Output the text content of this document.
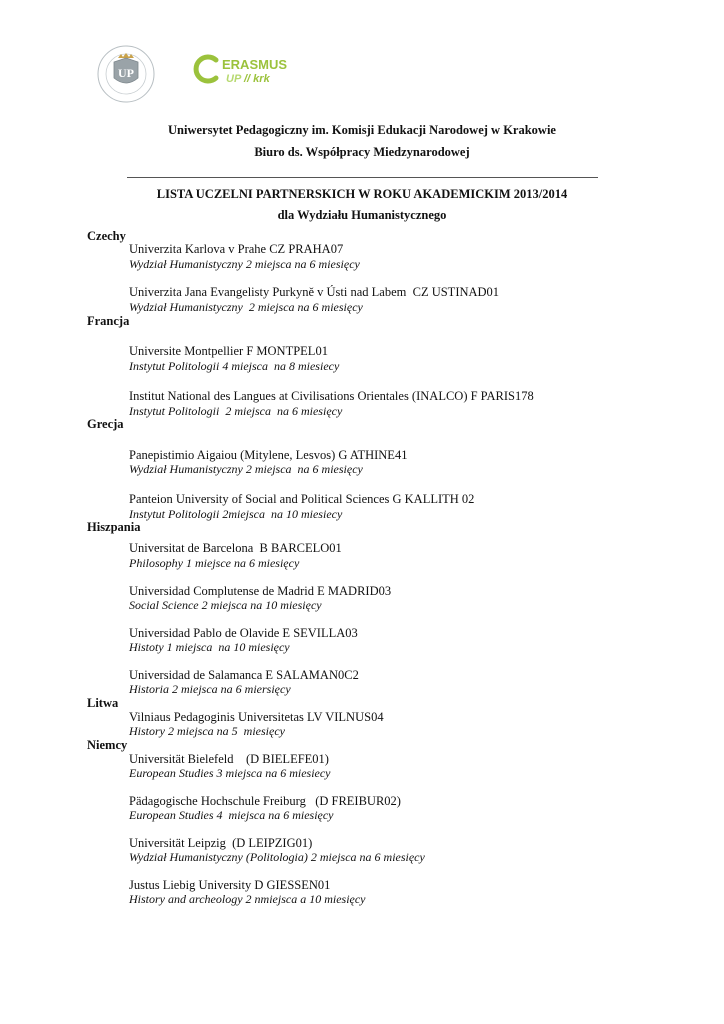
UP
ERASMUS
UP // krk
Uniwersytet Pedagogiczny im. Komisji Edukacji Narodowej w Krakowie
Biuro ds. Współpracy Miedzynarodowej
LISTA UCZELNI PARTNERSKICH W ROKU AKADEMICKIM 2013/2014
dla Wydziału Humanistycznego
Czechy
Univerzita Karlova v Prahe CZ PRAHA07
Wydział Humanistyczny 2 miejsca na 6 miesięcy
Univerzita Jana Evangelisty Purkyně v Ústi nad Labem  CZ USTINAD01
Wydział Humanistyczny  2 miejsca na 6 miesięcy
Francja
Universite Montpellier F MONTPEL01
Instytut Politologii 4 miejsca  na 8 miesiecy
Institut National des Langues at Civilisations Orientales (INALCO) F PARIS178
Instytut Politologii  2 miejsca  na 6 miesięcy
Grecja
Panepistimio Aigaiou (Mitylene, Lesvos) G ATHINE41
Wydział Humanistyczny 2 miejsca  na 6 miesięcy
Panteion University of Social and Political Sciences G KALLITH 02
Instytut Politologii 2miejsca  na 10 miesiecy
Hiszpania
Universitat de Barcelona  B BARCELO01
Philosophy 1 miejsce na 6 miesięcy
Universidad Complutense de Madrid E MADRID03
Social Science 2 miejsca na 10 miesięcy
Universidad Pablo de Olavide E SEVILLA03
Histoty 1 miejsca  na 10 miesięcy
Universidad de Salamanca E SALAMAN0C2
Historia 2 miejsca na 6 miersięcy
Litwa
Vilniaus Pedagoginis Universitetas LV VILNUS04
History 2 miejsca na 5  miesięcy
Niemcy
Universität Bielefeld    (D BIELEFE01)
European Studies 3 miejsca na 6 miesiecy
Pädagogische Hochschule Freiburg   (D FREIBUR02)
European Studies 4  miejsca na 6 miesięcy
Universität Leipzig  (D LEIPZIG01)
Wydział Humanistyczny (Politologia) 2 miejsca na 6 miesięcy
Justus Liebig University D GIESSEN01
History and archeology 2 nmiejsca a 10 miesięcy
